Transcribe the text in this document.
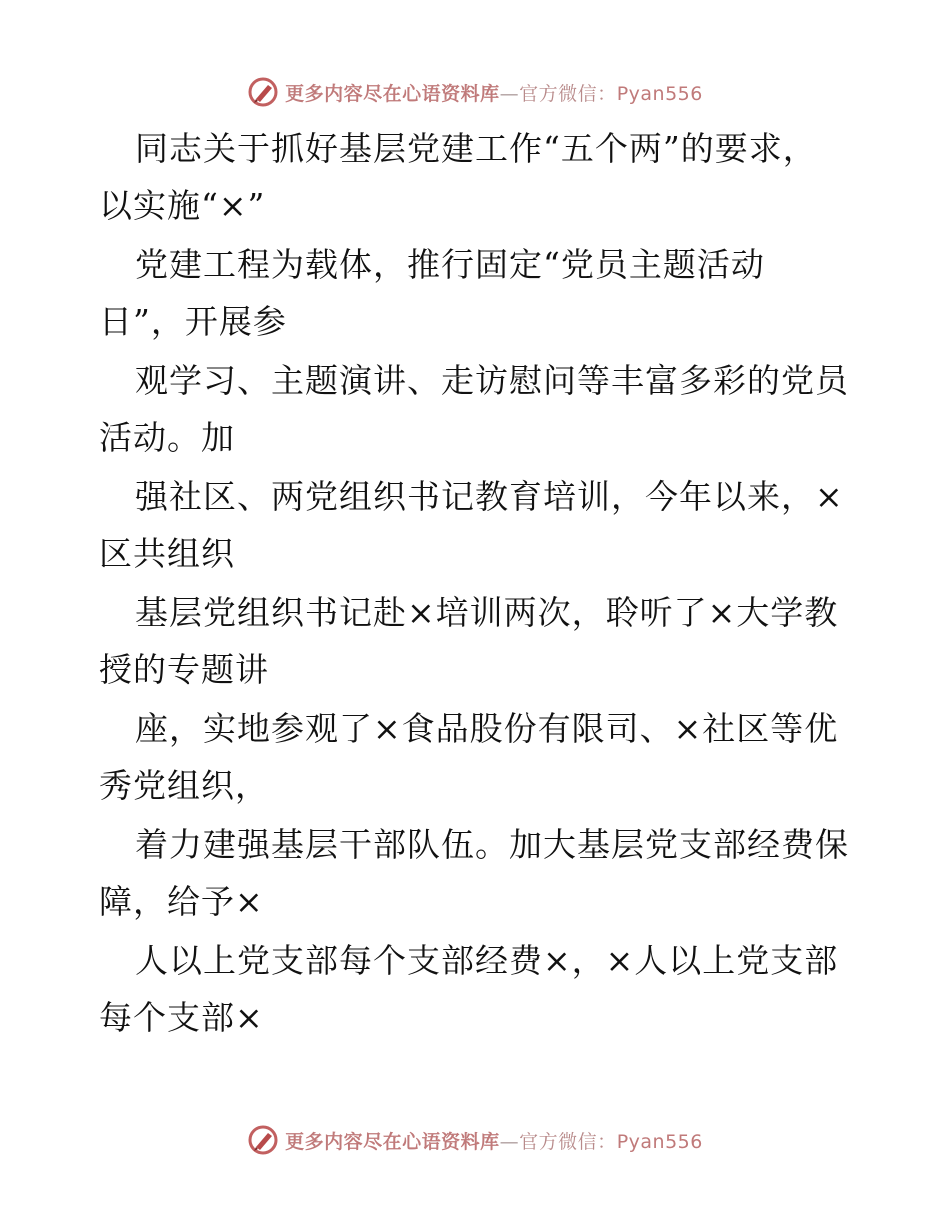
更多内容尽在心语资料库—官方微信：Pyan556
同志关于抓好基层党建工作“五个两”的要求，
以实施“×”
党建工程为载体，推行固定“党员主题活动
日”，开展参
观学习、主题演讲、走访慰问等丰富多彩的党员
活动。加
强社区、两党组织书记教育培训，今年以来，×
区共组织
基层党组织书记赴×培训两次，聆听了×大学教
授的专题讲
座，实地参观了×食品股份有限司、×社区等优
秀党组织，
着力建强基层干部队伍。加大基层党支部经费保
障，给予×
人以上党支部每个支部经费×，×人以上党支部
每个支部×
更多内容尽在心语资料库—官方微信：Pyan556
